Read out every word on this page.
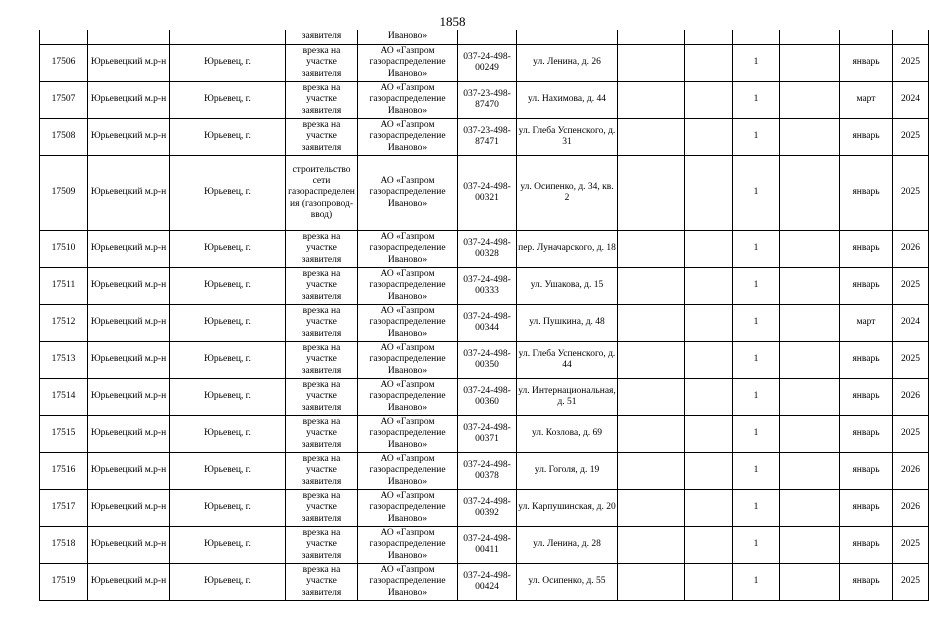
1858
			заявителя	Иваново»								
17506	Юрьевецкий м.р-н	Юрьевец, г.	врезка на участке заявителя	АО «Газпром газораспределение Иваново»	037-24-498-00249	ул. Ленина, д. 26			1		январь	2025
17507	Юрьевецкий м.р-н	Юрьевец, г.	врезка на участке заявителя	АО «Газпром газораспределение Иваново»	037-23-498-87470	ул. Нахимова, д. 44			1		март	2024
17508	Юрьевецкий м.р-н	Юрьевец, г.	врезка на участке заявителя	АО «Газпром газораспределение Иваново»	037-23-498-87471	ул. Глеба Успенского, д. 31			1		январь	2025
17509	Юрьевецкий м.р-н	Юрьевец, г.	строительство сети газораспределения (газопровод-ввод)	АО «Газпром газораспределение Иваново»	037-24-498-00321	ул. Осипенко, д. 34, кв. 2			1		январь	2025
17510	Юрьевецкий м.р-н	Юрьевец, г.	врезка на участке заявителя	АО «Газпром газораспределение Иваново»	037-24-498-00328	пер. Луначарского, д. 18			1		январь	2026
17511	Юрьевецкий м.р-н	Юрьевец, г.	врезка на участке заявителя	АО «Газпром газораспределение Иваново»	037-24-498-00333	ул. Ушакова, д. 15			1		январь	2025
17512	Юрьевецкий м.р-н	Юрьевец, г.	врезка на участке заявителя	АО «Газпром газораспределение Иваново»	037-24-498-00344	ул. Пушкина, д. 48			1		март	2024
17513	Юрьевецкий м.р-н	Юрьевец, г.	врезка на участке заявителя	АО «Газпром газораспределение Иваново»	037-24-498-00350	ул. Глеба Успенского, д. 44			1		январь	2025
17514	Юрьевецкий м.р-н	Юрьевец, г.	врезка на участке заявителя	АО «Газпром газораспределение Иваново»	037-24-498-00360	ул. Интернациональная, д. 51			1		январь	2026
17515	Юрьевецкий м.р-н	Юрьевец, г.	врезка на участке заявителя	АО «Газпром газораспределение Иваново»	037-24-498-00371	ул. Козлова, д. 69			1		январь	2025
17516	Юрьевецкий м.р-н	Юрьевец, г.	врезка на участке заявителя	АО «Газпром газораспределение Иваново»	037-24-498-00378	ул. Гоголя, д. 19			1		январь	2026
17517	Юрьевецкий м.р-н	Юрьевец, г.	врезка на участке заявителя	АО «Газпром газораспределение Иваново»	037-24-498-00392	ул. Карпушинская, д. 20			1		январь	2026
17518	Юрьевецкий м.р-н	Юрьевец, г.	врезка на участке заявителя	АО «Газпром газораспределение Иваново»	037-24-498-00411	ул. Ленина, д. 28			1		январь	2025
17519	Юрьевецкий м.р-н	Юрьевец, г.	врезка на участке заявителя	АО «Газпром газораспределение Иваново»	037-24-498-00424	ул. Осипенко, д. 55			1		январь	2025
